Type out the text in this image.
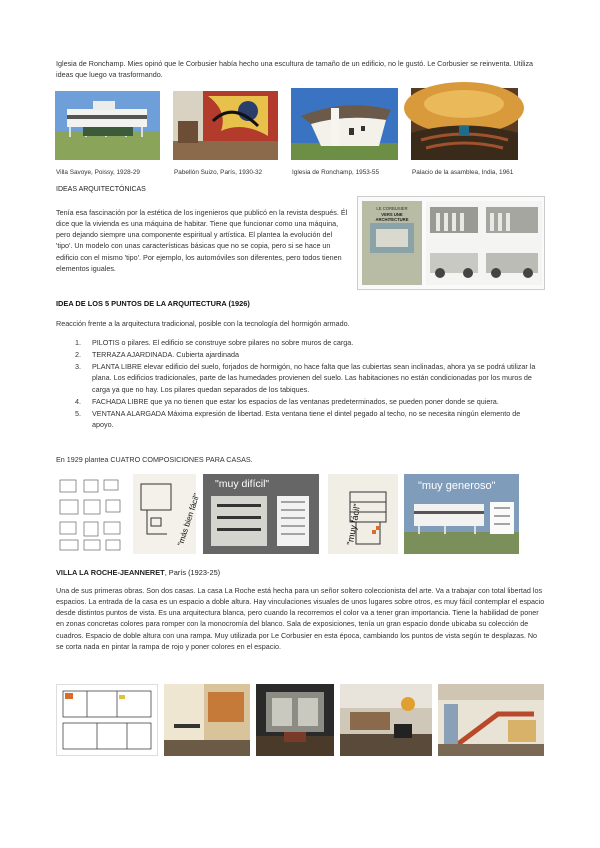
Iglesia de Ronchamp. Mies opinó que le Corbusier había hecho una escultura de tamaño de un edificio, no le gustó. Le Corbusier se reinventa. Utiliza ideas que luego va trasformando.

Villa Savoye, Poissy, 1928-29	Pabellón Suizo, París, 1930-32	Iglesia de Ronchamp, 1953-55	Palacio de la asamblea, India, 1961
IDEAS ARQUITECTÓNICAS

Tenía esa fascinación por la estética de los ingenieros que publicó en la revista después. Él dice que la vivienda es una máquina de habitar. Tiene que funcionar como una máquina, pero dejando siempre una componente espiritual y artística. El plantea la evolución del 'tipo'. Un modelo con unas características básicas que no se copia, pero si se hace un edificio con el mismo 'tipo'. Por ejemplo, los automóviles son diferentes, pero todos tienen elementos iguales.

LE CORBUSIER
VERS UNE ARCHITECTURE
IDEA DE LOS 5 PUNTOS DE LA ARQUITECTURA (1926)

Reacción frente a la arquitectura tradicional, posible con la tecnología del hormigón armado.

1. PILOTIS o pilares. El edificio se construye sobre pilares no sobre muros de carga.
2. TERRAZA AJARDINADA. Cubierta ajardinada
3. PLANTA LIBRE elevar edificio del suelo, forjados de hormigón, no hace falta que las cubiertas sean inclinadas, ahora ya se podrá utilizar la plana. Los edificios tradicionales, parte de las humedades provienen del suelo. Las habitaciones no están condicionadas por los muros de carga ya que no hay. Los pilares quedan separados de los tabiques.
4. FACHADA LIBRE que ya no tienen que estar los espacios de las ventanas predeterminados, se pueden poner donde se quiera.
5. VENTANA ALARGADA Máxima expresión de libertad. Esta ventana tiene el dintel pegado al techo, no se necesita ningún elemento de apoyo.

En 1929 plantea CUATRO COMPOSICIONES PARA CASAS.

"más bien fácil"
"muy difícil"
"muy fácil"
"muy generoso"
VILLA LA ROCHE-JEANNERET, París (1923-25)

Una de sus primeras obras. Son dos casas. La casa La Roche está hecha para un señor soltero coleccionista del arte. Va a trabajar con total libertad los espacios. La entrada de la casa es un espacio a doble altura. Hay vinculaciones visuales de unos lugares sobre otros, es muy fácil contemplar el espacio desde distintos puntos de vista. Es una arquitectura blanca, pero cuando la recorremos el color va a tener gran importancia. Tiene la habilidad de poner en zonas concretas colores para romper con la monocromía del blanco. Sala de exposiciones, tenía un gran espacio donde ubicaba su colección de cuadros. Espacio de doble altura con una rampa. Muy utilizada por Le Corbusier en esta época, cambiando los puntos de vista según te desplazas. No se corta nada en pintar la rampa de rojo y poner colores en el espacio.
